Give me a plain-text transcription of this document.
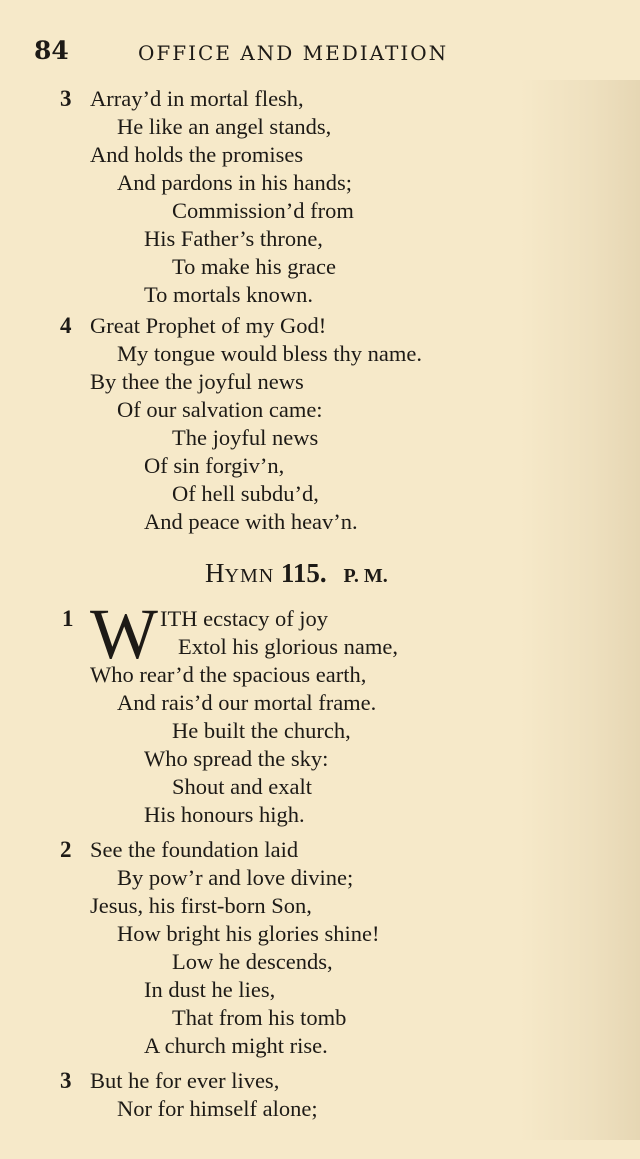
84	OFFICE AND MEDIATION
3 Array’d in mortal flesh,
He like an angel stands,
And holds the promises
And pardons in his hands;
Commission’d from
His Father’s throne,
To make his grace
To mortals known.
4 Great Prophet of my God!
My tongue would bless thy name.
By thee the joyful news
Of our salvation came:
The joyful news
Of sin forgiv’n,
Of hell subdu’d,
And peace with heav’n.
HYMN 115. P. M.
1 W ITH ecstacy of joy
Extol his glorious name,
Who rear’d the spacious earth,
And rais’d our mortal frame.
He built the church,
Who spread the sky:
Shout and exalt
His honours high.
2 See the foundation laid
By pow’r and love divine;
Jesus, his first-born Son,
How bright his glories shine!
Low he descends,
In dust he lies,
That from his tomb
A church might rise.
3 But he for ever lives,
Nor for himself alone;
